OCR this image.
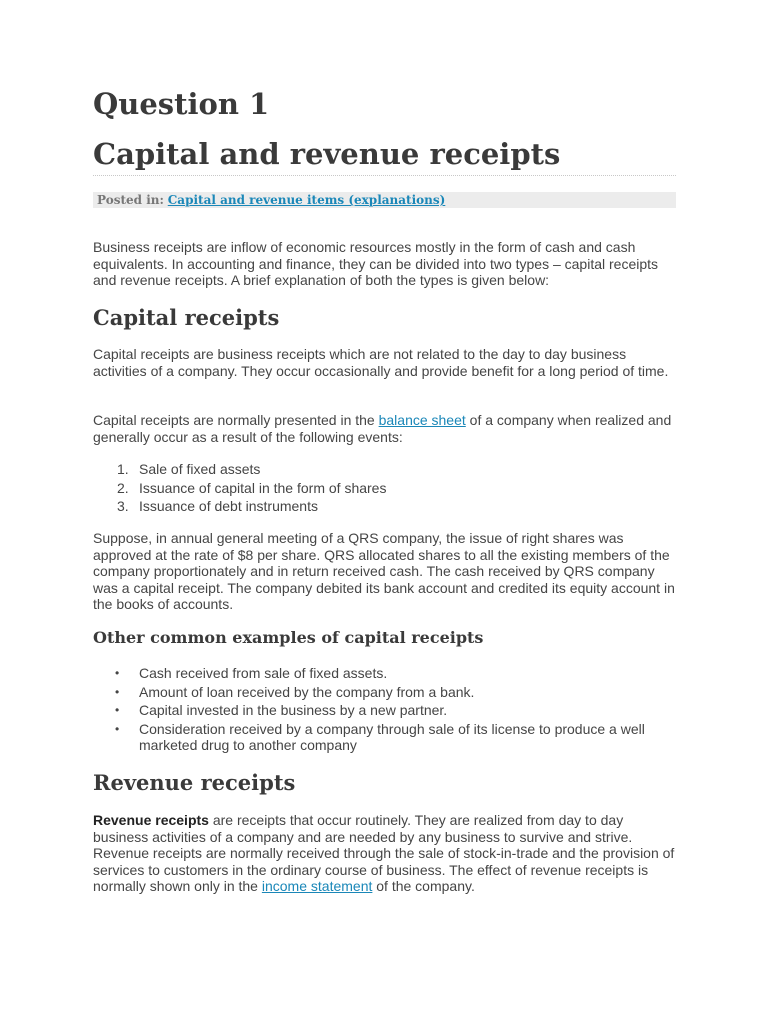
Question 1
Capital and revenue receipts
Posted in: Capital and revenue items (explanations)

Business receipts are inflow of economic resources mostly in the form of cash and cash equivalents. In accounting and finance, they can be divided into two types – capital receipts and revenue receipts. A brief explanation of both the types is given below:

Capital receipts

Capital receipts are business receipts which are not related to the day to day business activities of a company. They occur occasionally and provide benefit for a long period of time.

Capital receipts are normally presented in the balance sheet of a company when realized and generally occur as a result of the following events:

1. Sale of fixed assets
2. Issuance of capital in the form of shares
3. Issuance of debt instruments

Suppose, in annual general meeting of a QRS company, the issue of right shares was approved at the rate of $8 per share. QRS allocated shares to all the existing members of the company proportionately and in return received cash. The cash received by QRS company was a capital receipt. The company debited its bank account and credited its equity account in the books of accounts.

Other common examples of capital receipts
• Cash received from sale of fixed assets.
• Amount of loan received by the company from a bank.
• Capital invested in the business by a new partner.
• Consideration received by a company through sale of its license to produce a well marketed drug to another company
Revenue receipts

Revenue receipts are receipts that occur routinely. They are realized from day to day business activities of a company and are needed by any business to survive and strive. Revenue receipts are normally received through the sale of stock-in-trade and the provision of services to customers in the ordinary course of business. The effect of revenue receipts is normally shown only in the income statement of the company.
